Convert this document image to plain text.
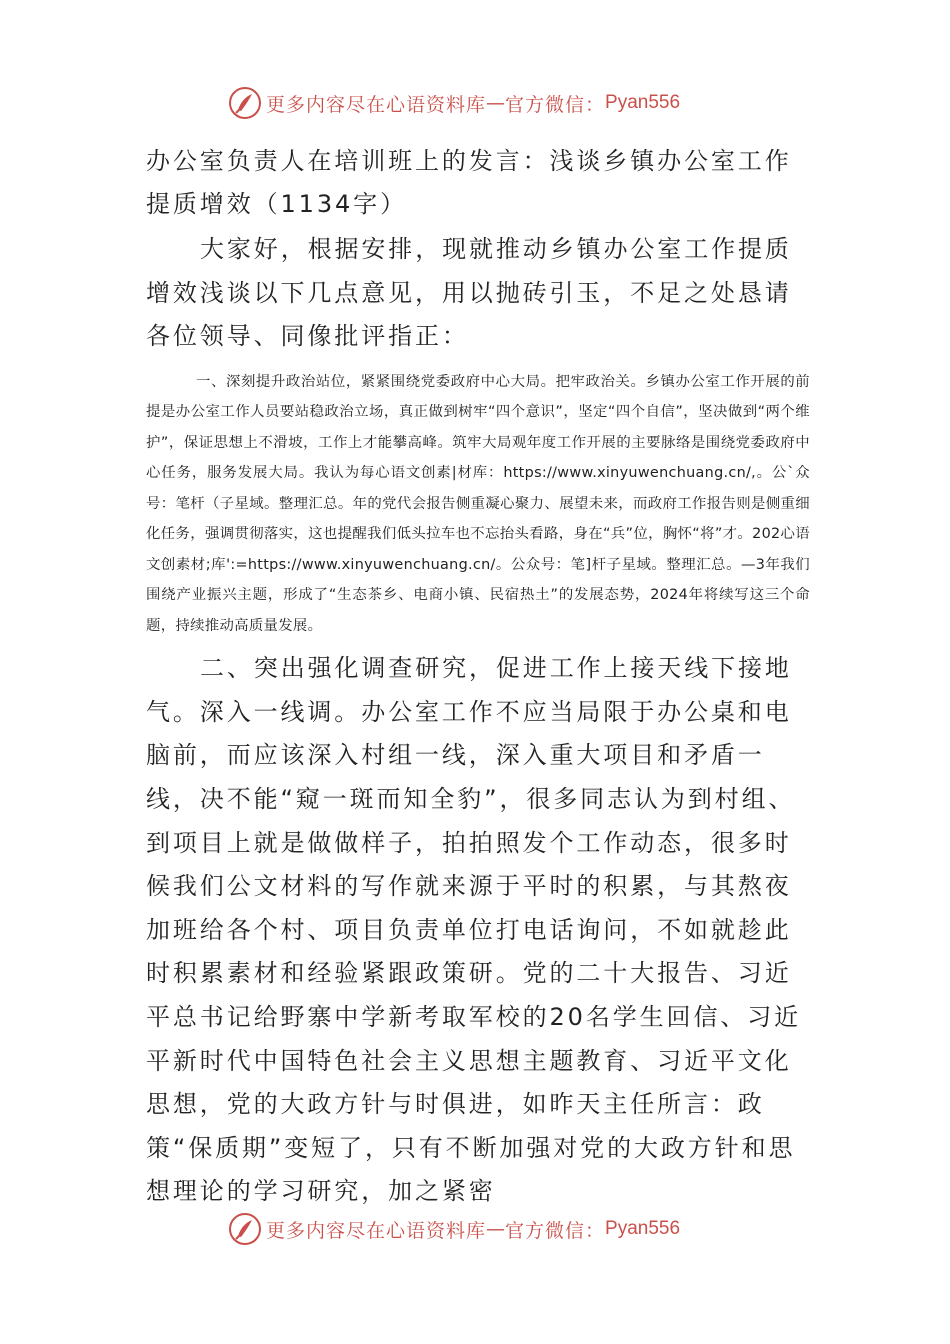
更多内容尽在心语资料库 — 官方微信： Pyan556
办公室负责人在培训班上的发言：浅谈乡镇办公室工作提质增效（1134字）

大家好，根据安排，现就推动乡镇办公室工作提质增效浅谈以下几点意见，用以抛砖引玉，不足之处恳请各位领导、同像批评指正：

一、深刻提升政治站位，紧紧围绕党委政府中心大局。把牢政治关。乡镇办公室工作开展的前提是办公室工作人员要站稳政治立场，真正做到树牢“四个意识”，坚定“四个自信”，坚决做到“两个维护”，保证思想上不滑坡，工作上才能攀高峰。筑牢大局观年度工作开展的主要脉络是围绕党委政府中心任务，服务发展大局。我认为每心语文创素|材库：https://www.xinyuwenchuang.cn/,。公`众号：笔杆（子星域。整理汇总。年的党代会报告侧重凝心聚力、展望未来，而政府工作报告则是侧重细化任务，强调贯彻落实，这也提醒我们低头拉车也不忘抬头看路，身在“兵”位，胸怀“将”才。202心语文创素材;库':=https://www.xinyuwenchuang.cn/。公众号：笔]杆子星域。整理汇总。—3年我们围绕产业振兴主题，形成了“生态茶乡、电商小镇、民宿热土”的发展态势，2024年将续写这三个命题，持续推动高质量发展。

二、突出强化调查研究，促进工作上接天线下接地气。深入一线调。办公室工作不应当局限于办公桌和电脑前，而应该深入村组一线，深入重大项目和矛盾一线，决不能“窥一斑而知全豹”，很多同志认为到村组、到项目上就是做做样子，拍拍照发个工作动态，很多时候我们公文材料的写作就来源于平时的积累，与其熬夜加班给各个村、项目负责单位打电话询问，不如就趁此时积累素材和经验紧跟政策研。党的二十大报告、习近平总书记给野寨中学新考取军校的20名学生回信、习近平新时代中国特色社会主义思想主题教育、习近平文化思想，党的大政方针与时俱进，如昨天主任所言：政策“保质期”变短了，只有不断加强对党的大政方针和思想理论的学习研究，加之紧密

更多内容尽在心语资料库 — 官方微信： Pyan556
